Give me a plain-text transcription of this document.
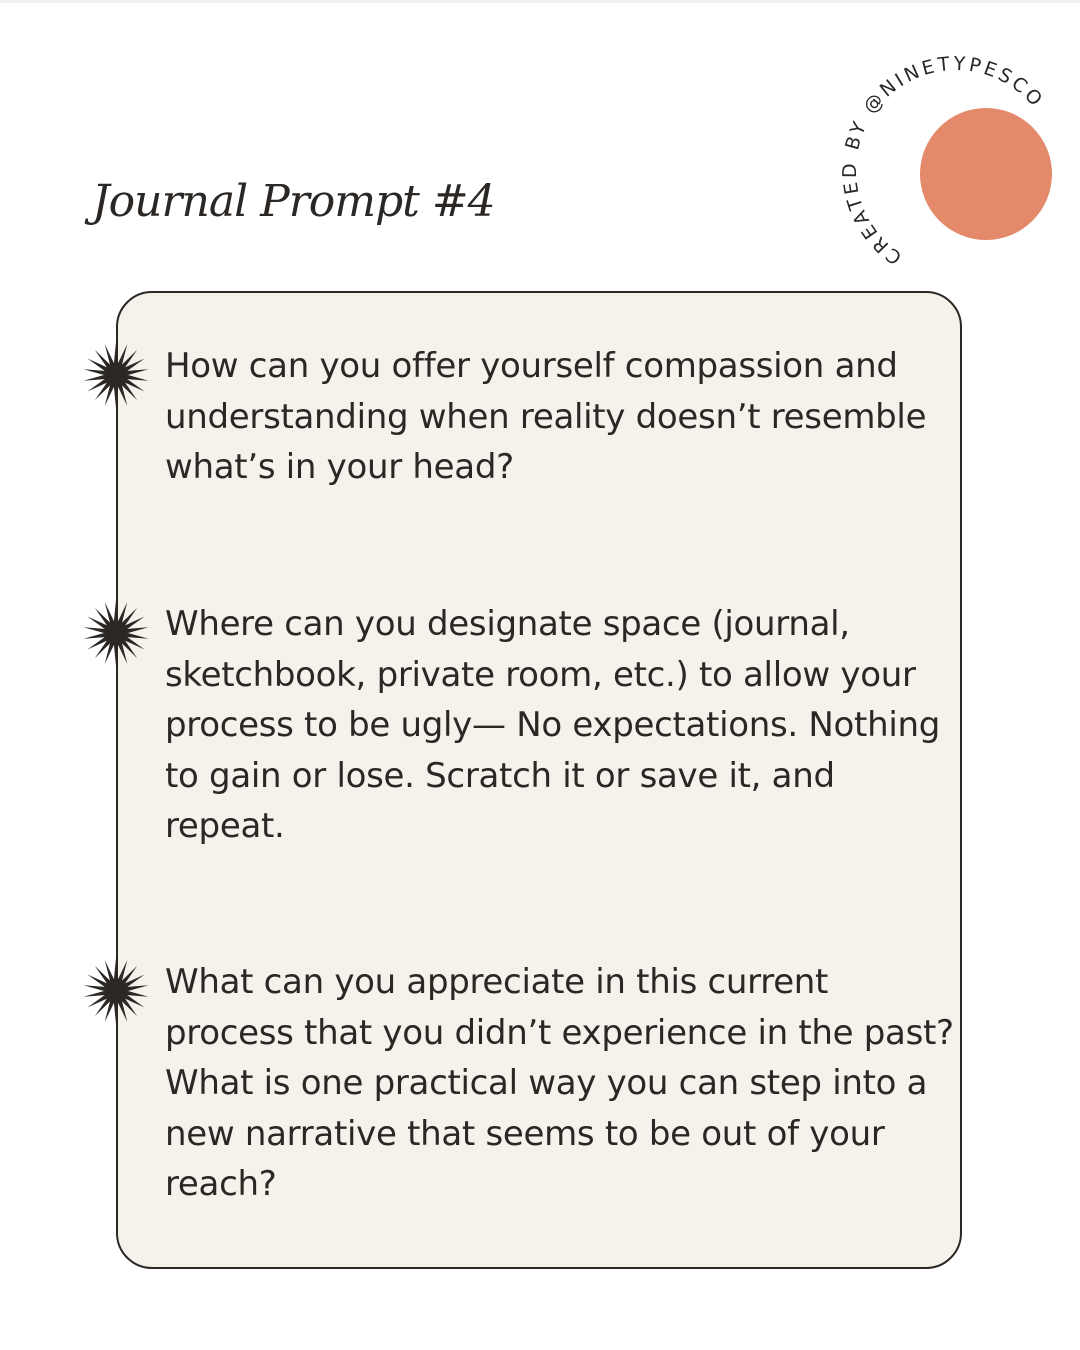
Journal Prompt #4
CREATED BY @NINETYPESCO

How can you offer yourself compassion and understanding when reality doesn’t resemble what’s in your head?

Where can you designate space (journal, sketchbook, private room, etc.) to allow your process to be ugly— No expectations. Nothing to gain or lose. Scratch it or save it, and repeat.

What can you appreciate in this current process that you didn’t experience in the past? What is one practical way you can step into a new narrative that seems to be out of your reach?
